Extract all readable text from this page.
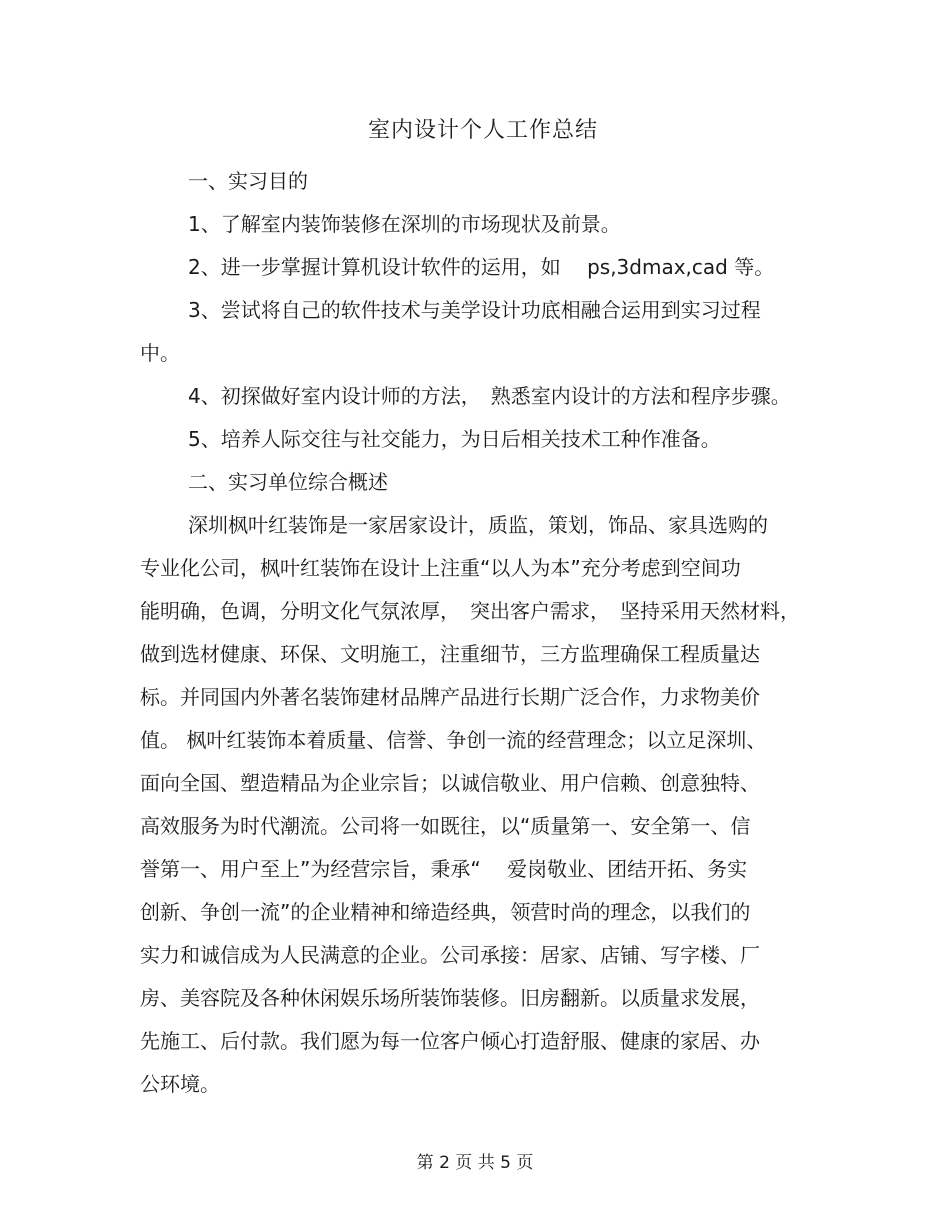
室内设计个人工作总结
一、实习目的
1、了解室内装饰装修在深圳的市场现状及前景。
2、进一步掌握计算机设计软件的运用，如　 ps,3dmax,cad 等。
3、尝试将自己的软件技术与美学设计功底相融合运用到实习过程
中。
4、初探做好室内设计师的方法，　熟悉室内设计的方法和程序步骤。
5、培养人际交往与社交能力，为日后相关技术工种作准备。
二、实习单位综合概述
深圳枫叶红装饰是一家居家设计，质监，策划，饰品、家具选购的
专业化公司，枫叶红装饰在设计上注重“以人为本”充分考虑到空间功
能明确，色调，分明文化气氛浓厚，　突出客户需求，　坚持采用天然材料，
做到选材健康、环保、文明施工，注重细节，三方监理确保工程质量达
标。并同国内外著名装饰建材品牌产品进行长期广泛合作，力求物美价
值。 枫叶红装饰本着质量、信誉、争创一流的经营理念；以立足深圳、
面向全国、塑造精品为企业宗旨；以诚信敬业、用户信赖、创意独特、
高效服务为时代潮流。公司将一如既往，以“质量第一、安全第一、信
誉第一、用户至上”为经营宗旨，秉承“　 爱岗敬业、团结开拓、务实
创新、争创一流”的企业精神和缔造经典，领营时尚的理念，以我们的
实力和诚信成为人民满意的企业。公司承接：居家、店铺、写字楼、厂
房、美容院及各种休闲娱乐场所装饰装修。旧房翻新。以质量求发展，
先施工、后付款。我们愿为每一位客户倾心打造舒服、健康的家居、办
公环境。
第 2 页 共 5 页
